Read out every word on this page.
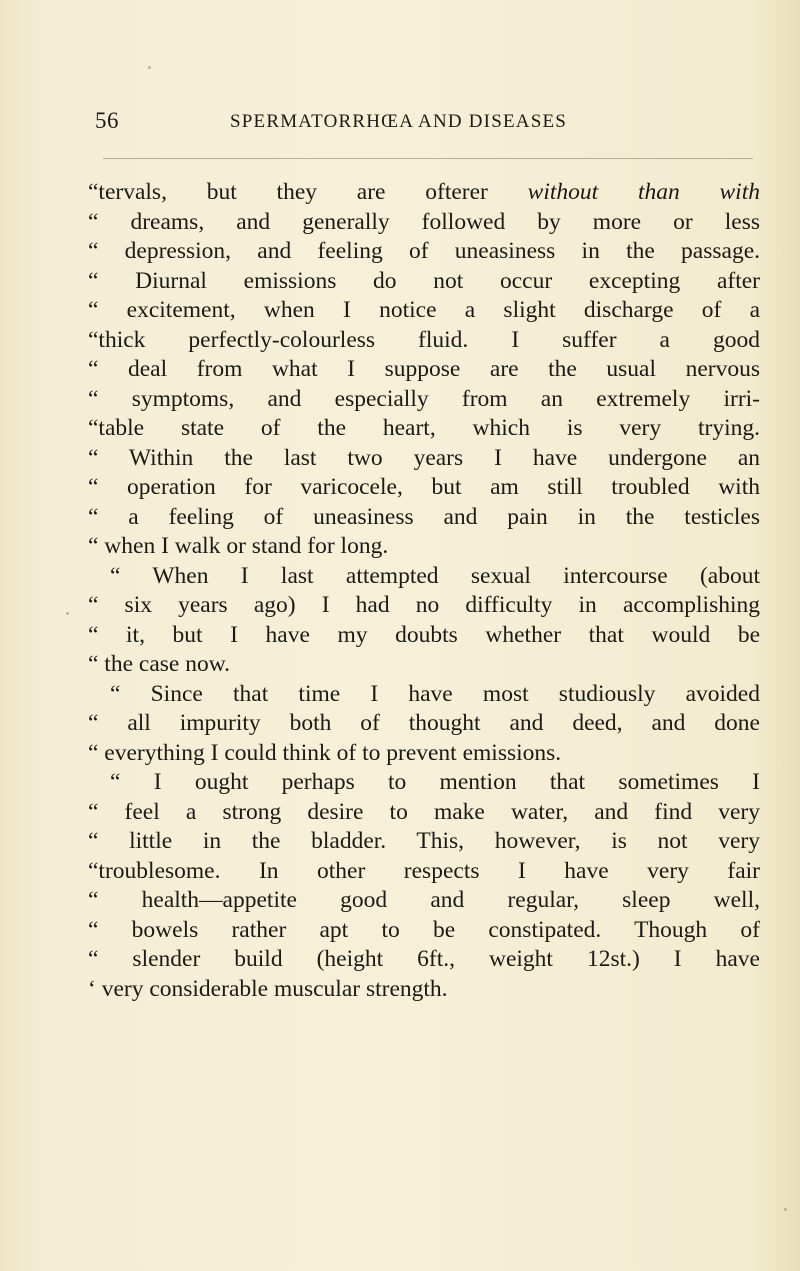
56	SPERMATORRHŒA AND DISEASES
“tervals, but they are ofterer without than with
“ dreams, and generally followed by more or less
“ depression, and feeling of uneasiness in the passage.
“ Diurnal emissions do not occur excepting after
“ excitement, when I notice a slight discharge of a
“thick perfectly-colourless fluid. I suffer a good
“ deal from what I suppose are the usual nervous
“ symptoms, and especially from an extremely irri-
“table state of the heart, which is very trying.
“ Within the last two years I have undergone an
“ operation for varicocele, but am still troubled with
“ a feeling of uneasiness and pain in the testicles
“ when I walk or stand for long.
“ When I last attempted sexual intercourse (about
“ six years ago) I had no difficulty in accomplishing
“ it, but I have my doubts whether that would be
“ the case now.
“ Since that time I have most studiously avoided
“ all impurity both of thought and deed, and done
“ everything I could think of to prevent emissions.
“ I ought perhaps to mention that sometimes I
“ feel a strong desire to make water, and find very
“ little in the bladder. This, however, is not very
“troublesome. In other respects I have very fair
“ health—appetite good and regular, sleep well,
“ bowels rather apt to be constipated. Though of
“ slender build (height 6ft., weight 12st.) I have
‘ very considerable muscular strength.
